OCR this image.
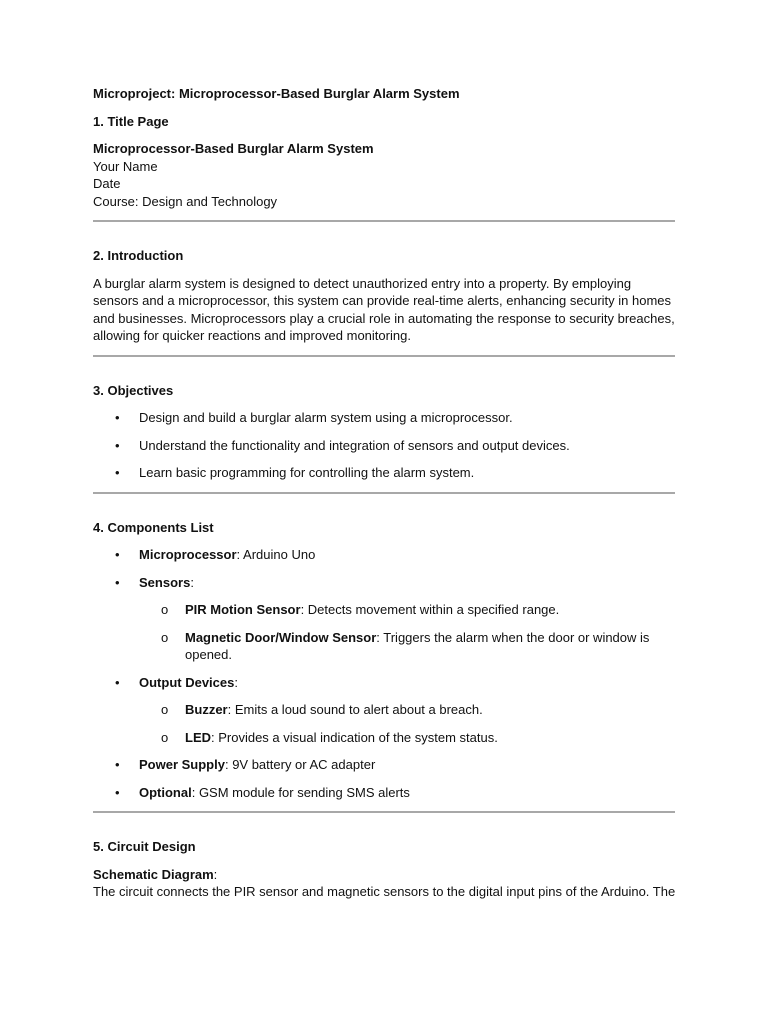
Microproject: Microprocessor-Based Burglar Alarm System

1. Title Page

Microprocessor-Based Burglar Alarm System

Your Name

Date

Course: Design and Technology

2. Introduction

A burglar alarm system is designed to detect unauthorized entry into a property. By employing sensors and a microprocessor, this system can provide real-time alerts, enhancing security in homes and businesses. Microprocessors play a crucial role in automating the response to security breaches, allowing for quicker reactions and improved monitoring.

3. Objectives

• Design and build a burglar alarm system using a microprocessor.
• Understand the functionality and integration of sensors and output devices.
• Learn basic programming for controlling the alarm system.

4. Components List

• Microprocessor: Arduino Uno
• Sensors:
o PIR Motion Sensor: Detects movement within a specified range.
o Magnetic Door/Window Sensor: Triggers the alarm when the door or window is opened.
• Output Devices:
o Buzzer: Emits a loud sound to alert about a breach.
o LED: Provides a visual indication of the system status.
• Power Supply: 9V battery or AC adapter
• Optional: GSM module for sending SMS alerts

5. Circuit Design

Schematic Diagram:

The circuit connects the PIR sensor and magnetic sensors to the digital input pins of the Arduino. The
